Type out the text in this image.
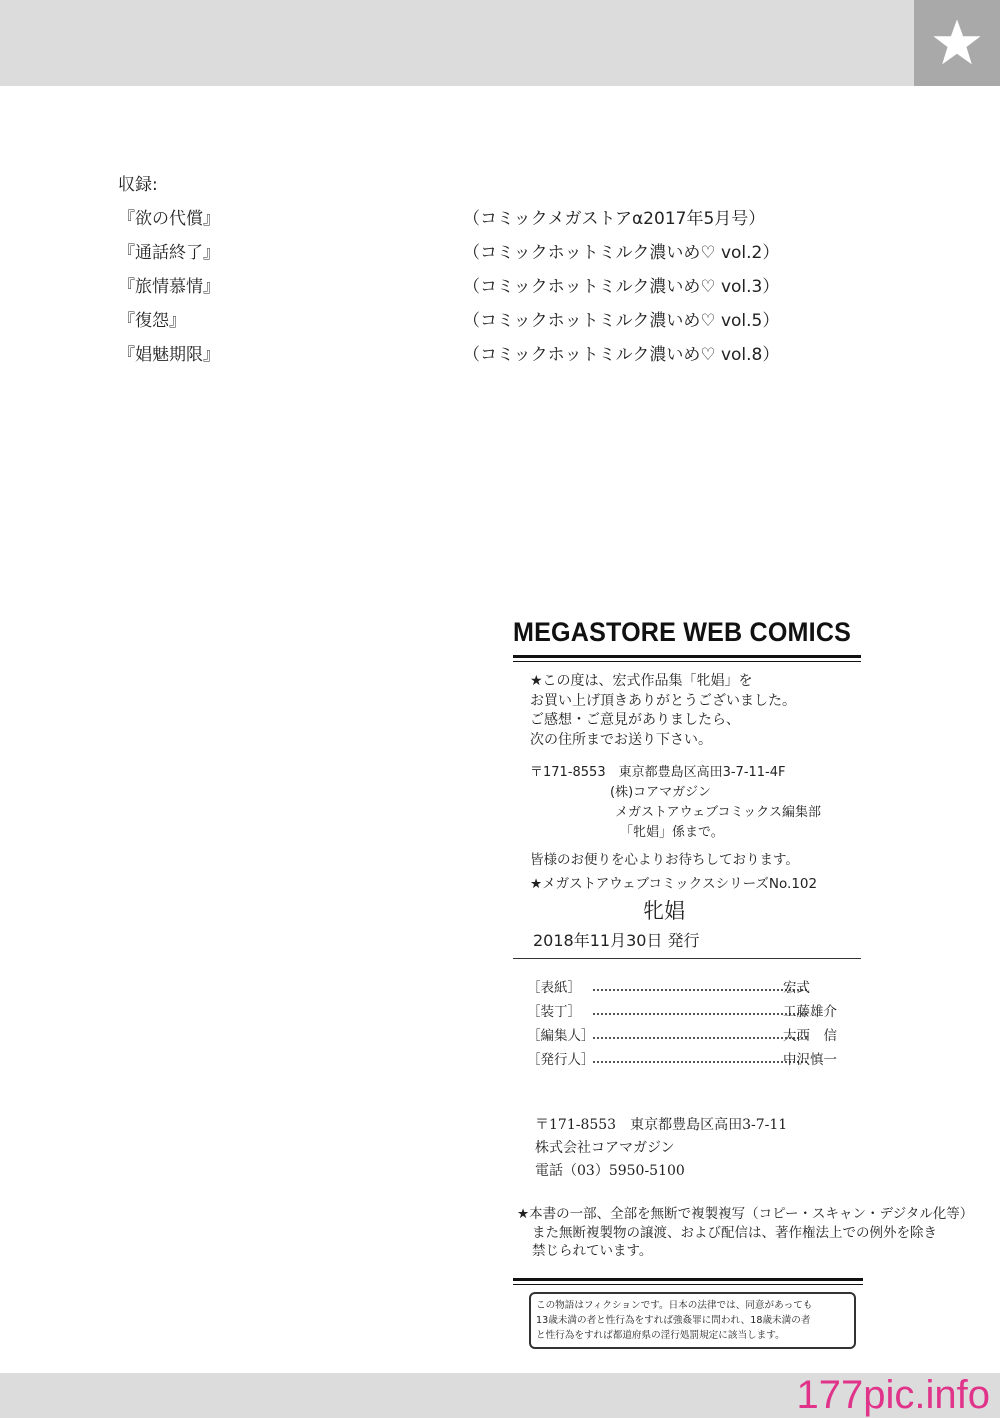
収録:
『欲の代償』	（コミックメガストアα2017年5月号）
『通話終了』	（コミックホットミルク濃いめ♡ vol.2）
『旅情慕情』	（コミックホットミルク濃いめ♡ vol.3）
『復怨』	（コミックホットミルク濃いめ♡ vol.5）
『娼魅期限』	（コミックホットミルク濃いめ♡ vol.8）
MEGASTORE WEB COMICS
★この度は、宏式作品集「牝娼」を
お買い上げ頂きありがとうございました。
ご感想・ご意見がありましたら、
次の住所までお送り下さい。
〒171-8553　東京都豊島区高田3-7-11-4F
(株)コアマガジン
メガストアウェブコミックス編集部
「牝娼」係まで。
皆様のお便りを心よりお待ちしております。
★メガストアウェブコミックスシリーズNo.102
牝娼
2018年11月30日 発行
［表紙］	宏式
［装丁］	工藤雄介
［編集人］	大西　信
［発行人］	中沢慎一
〒171-8553　東京都豊島区高田3-7-11
株式会社コアマガジン
電話（03）5950-5100
★本書の一部、全部を無断で複製複写（コピー・スキャン・デジタル化等）
また無断複製物の譲渡、および配信は、著作権法上での例外を除き
禁じられています。
この物語はフィクションです。日本の法律では、同意があっても
13歳未満の者と性行為をすれば強姦罪に問われ、18歳未満の者
と性行為をすれば都道府県の淫行処罰規定に該当します。
177pic.info
